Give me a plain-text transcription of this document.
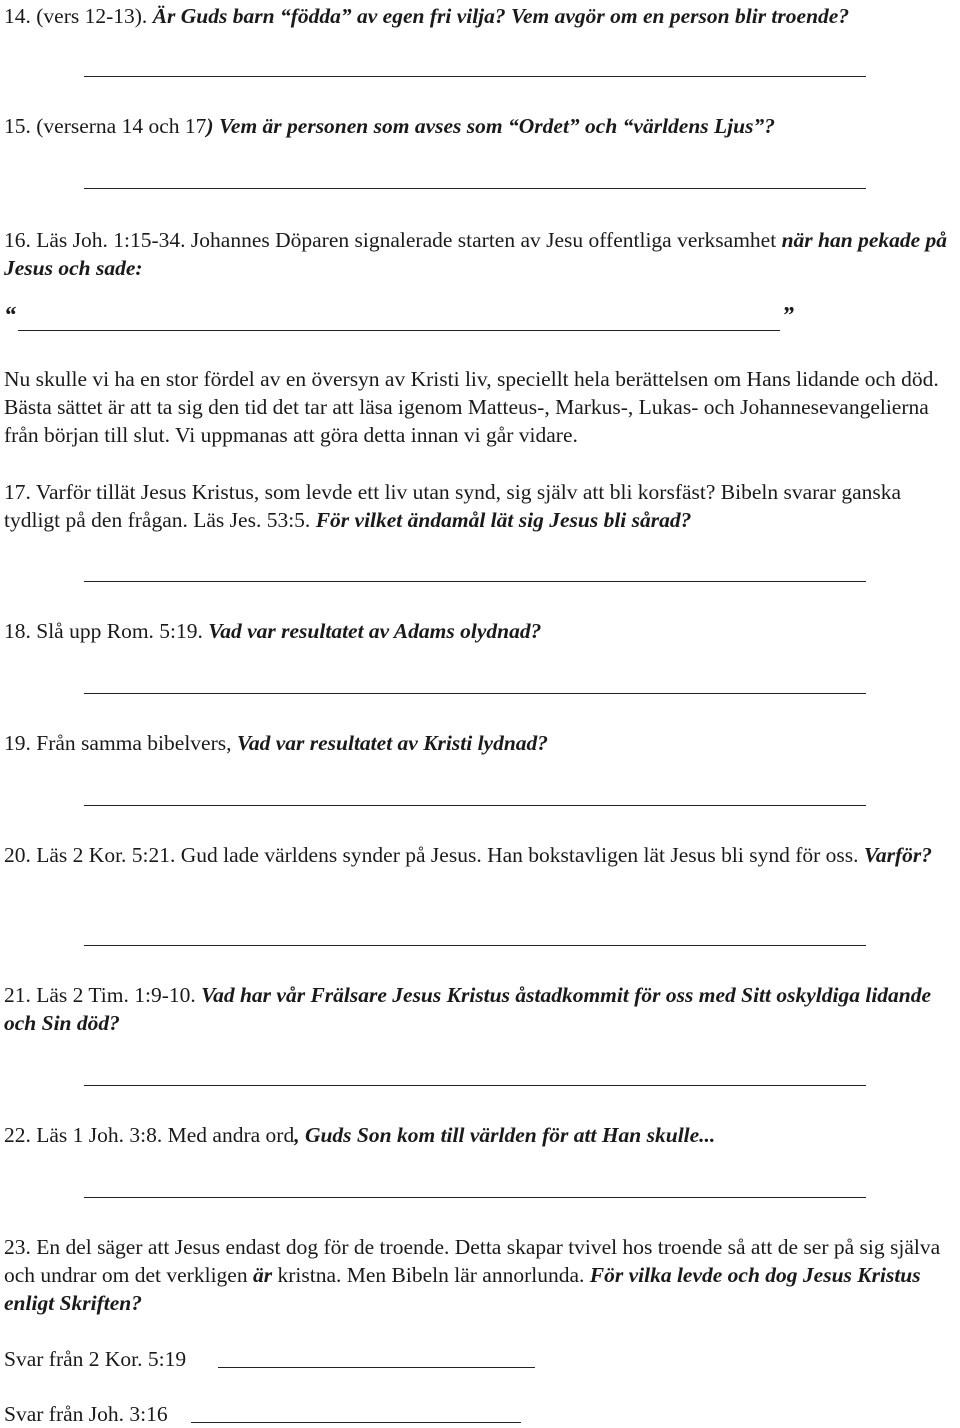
14. (vers 12-13). Är Guds barn “födda” av egen fri vilja? Vem avgör om en person blir troende?

15. (verserna 14 och 17) Vem är personen som avses som “Ordet” och “världens Ljus”?

16. Läs Joh. 1:15-34. Johannes Döparen signalerade starten av Jesu offentliga verksamhet när han pekade på Jesus och sade:

“	”

Nu skulle vi ha en stor fördel av en översyn av Kristi liv, speciellt hela berättelsen om Hans lidande och död. Bästa sättet är att ta sig den tid det tar att läsa igenom Matteus-, Markus-, Lukas- och Johannesevangelierna från början till slut. Vi uppmanas att göra detta innan vi går vidare.

17. Varför tillät Jesus Kristus, som levde ett liv utan synd, sig själv att bli korsfäst? Bibeln svarar ganska tydligt på den frågan. Läs Jes. 53:5. För vilket ändamål lät sig Jesus bli sårad?

18. Slå upp Rom. 5:19. Vad var resultatet av Adams olydnad?

19. Från samma bibelvers, Vad var resultatet av Kristi lydnad?

20. Läs 2 Kor. 5:21. Gud lade världens synder på Jesus. Han bokstavligen lät Jesus bli synd för oss. Varför?

21. Läs 2 Tim. 1:9-10. Vad har vår Frälsare Jesus Kristus åstadkommit för oss med Sitt oskyldiga lidande och Sin död?

22. Läs 1 Joh. 3:8. Med andra ord, Guds Son kom till världen för att Han skulle...

23. En del säger att Jesus endast dog för de troende. Detta skapar tvivel hos troende så att de ser på sig själva och undrar om det verkligen är kristna. Men Bibeln lär annorlunda. För vilka levde och dog Jesus Kristus enligt Skriften?

Svar från 2 Kor. 5:19

Svar från Joh. 3:16
